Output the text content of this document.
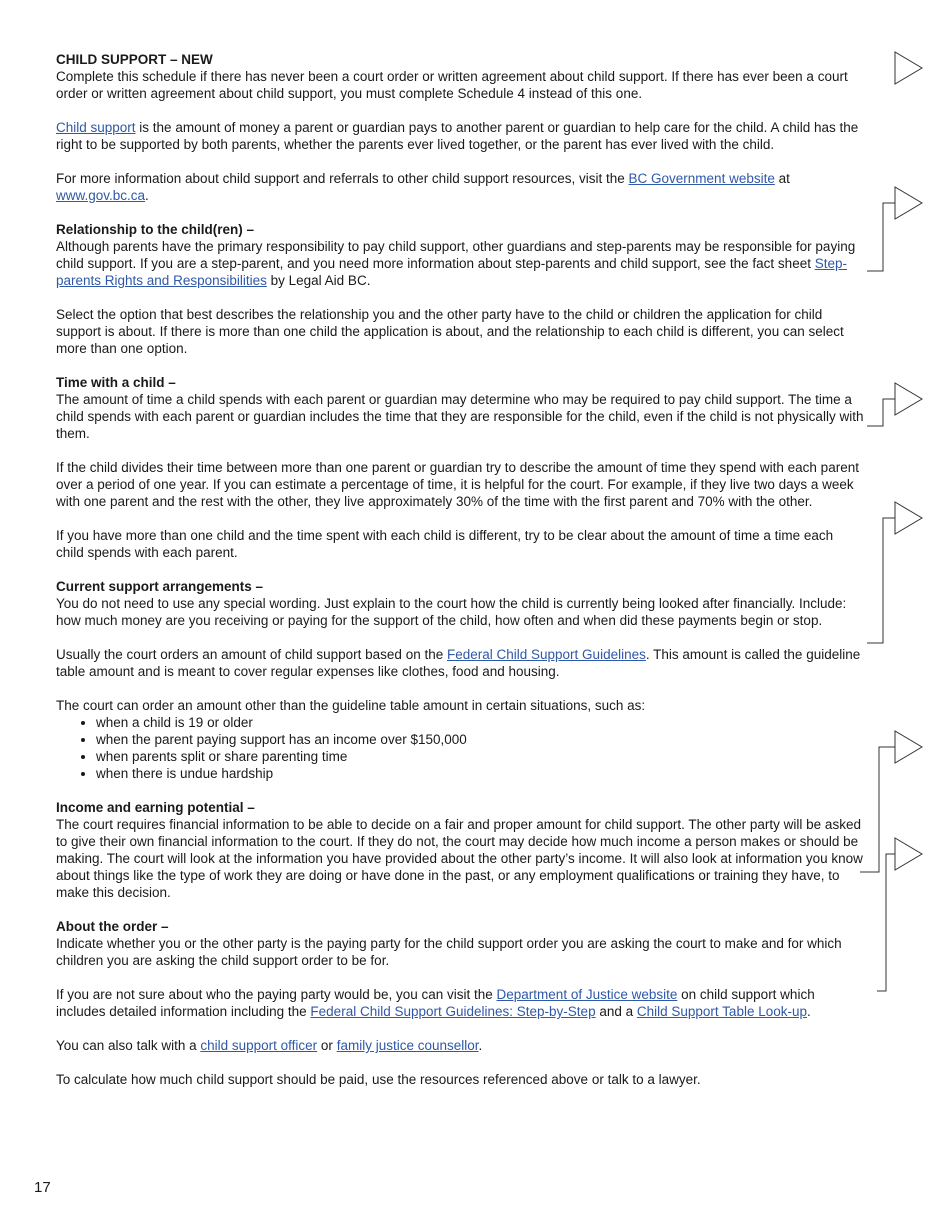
CHILD SUPPORT – NEW

Complete this schedule if there has never been a court order or written agreement about child support. If there has ever been a court order or written agreement about child support, you must complete Schedule 4 instead of this one.

Child support is the amount of money a parent or guardian pays to another parent or guardian to help care for the child. A child has the right to be supported by both parents, whether the parents ever lived together, or the parent has ever lived with the child.

For more information about child support and referrals to other child support resources, visit the BC Government website at www.gov.bc.ca.

Relationship to the child(ren) –

Although parents have the primary responsibility to pay child support, other guardians and step-parents may be responsible for paying child support. If you are a step-parent, and you need more information about step-parents and child support, see the fact sheet Step-parents Rights and Responsibilities by Legal Aid BC.

Select the option that best describes the relationship you and the other party have to the child or children the application for child support is about. If there is more than one child the application is about, and the relationship to each child is different, you can select more than one option.

Time with a child –

The amount of time a child spends with each parent or guardian may determine who may be required to pay child support. The time a child spends with each parent or guardian includes the time that they are responsible for the child, even if the child is not physically with them.

If the child divides their time between more than one parent or guardian try to describe the amount of time they spend with each parent over a period of one year. If you can estimate a percentage of time, it is helpful for the court. For example, if they live two days a week with one parent and the rest with the other, they live approximately 30% of the time with the first parent and 70% with the other.

If you have more than one child and the time spent with each child is different, try to be clear about the amount of time a time each child spends with each parent.

Current support arrangements –

You do not need to use any special wording. Just explain to the court how the child is currently being looked after financially. Include: how much money are you receiving or paying for the support of the child, how often and when did these payments begin or stop.

Usually the court orders an amount of child support based on the Federal Child Support Guidelines. This amount is called the guideline table amount and is meant to cover regular expenses like clothes, food and housing.

The court can order an amount other than the guideline table amount in certain situations, such as:

• when a child is 19 or older
• when the parent paying support has an income over $150,000
• when parents split or share parenting time
• when there is undue hardship
Income and earning potential –

The court requires financial information to be able to decide on a fair and proper amount for child support. The other party will be asked to give their own financial information to the court. If they do not, the court may decide how much income a person makes or should be making. The court will look at the information you have provided about the other party’s income. It will also look at information you know about things like the type of work they are doing or have done in the past, or any employment qualifications or training they have, to make this decision.

About the order –

Indicate whether you or the other party is the paying party for the child support order you are asking the court to make and for which children you are asking the child support order to be for.

If you are not sure about who the paying party would be, you can visit the Department of Justice website on child support which includes detailed information including the Federal Child Support Guidelines: Step-by-Step and a Child Support Table Look-up.

You can also talk with a child support officer or family justice counsellor.

To calculate how much child support should be paid, use the resources referenced above or talk to a lawyer.

17
